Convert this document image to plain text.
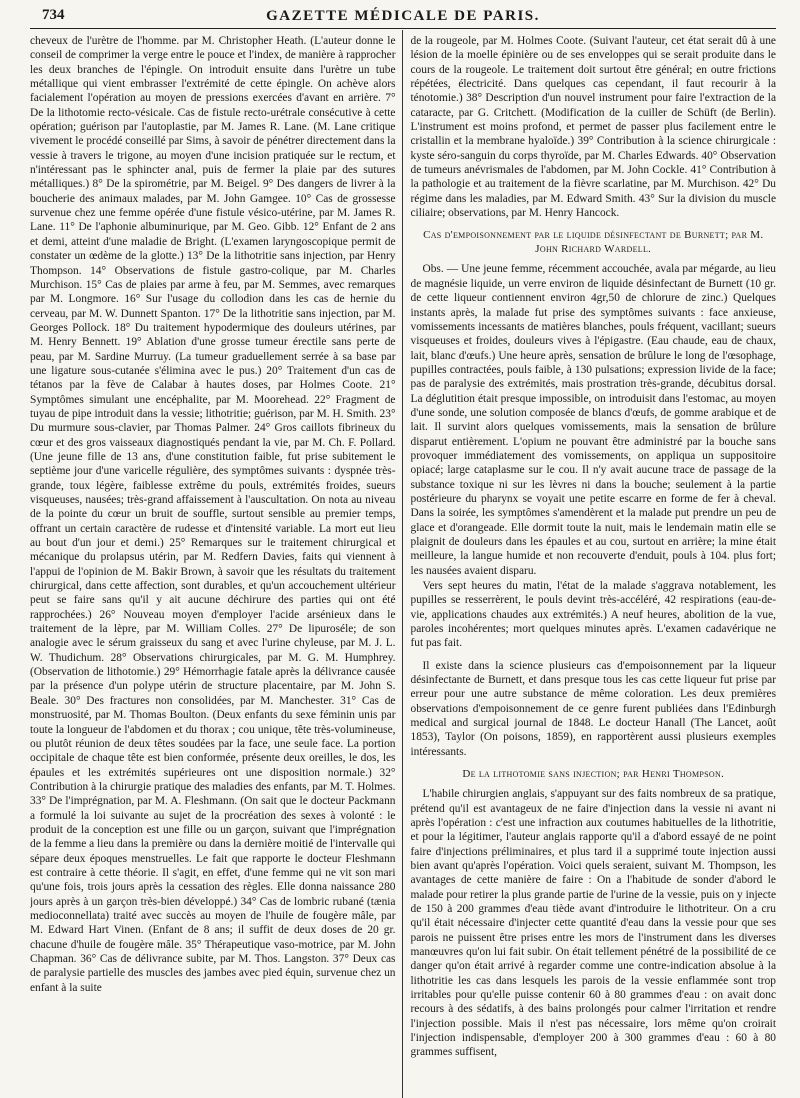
734	GAZETTE MÉDICALE DE PARIS.

cheveux de l'urètre de l'homme. par M. Christopher Heath. (L'auteur donne le conseil de comprimer la verge entre le pouce et l'index, de manière à rapprocher les deux branches de l'épingle. On introduit ensuite dans l'urètre un tube métallique qui vient embrasser l'extrémité de cette épingle. On achève alors facialement l'opération au moyen de pressions exercées d'avant en arrière. 7° De la lithotomie recto-vésicale. Cas de fistule recto-urétrale consécutive à cette opération; guérison par l'autoplastie, par M. James R. Lane. (M. Lane critique vivement le procédé conseillé par Sims, à savoir de pénétrer directement dans la vessie à travers le trigone, au moyen d'une incision pratiquée sur le rectum, et n'intéressant pas le sphincter anal, puis de fermer la plaie par des sutures métalliques.) 8° De la spirométrie, par M. Beigel. 9° Des dangers de livrer à la boucherie des animaux malades, par M. John Gamgee. 10° Cas de grossesse survenue chez une femme opérée d'une fistule vésico-utérine, par M. James R. Lane. 11° De l'aphonie albuminurique, par M. Geo. Gibb. 12° Enfant de 2 ans et demi, atteint d'une maladie de Bright. (L'examen laryngoscopique permit de constater un œdème de la glotte.) 13° De la lithotritie sans injection, par Henry Thompson. 14° Observations de fistule gastro-colique, par M. Charles Murchison. 15° Cas de plaies par arme à feu, par M. Semmes, avec remarques par M. Longmore. 16° Sur l'usage du collodion dans les cas de hernie du cerveau, par M. W. Dunnett Spanton. 17° De la lithotritie sans injection, par M. Georges Pollock. 18° Du traitement hypodermique des douleurs utérines, par M. Henry Bennett. 19° Ablation d'une grosse tumeur érectile sans perte de peau, par M. Sardine Murruy. (La tumeur graduellement serrée à sa base par une ligature sous-cutanée s'élimina avec le pus.) 20° Traitement d'un cas de tétanos par la fève de Calabar à hautes doses, par Holmes Coote. 21° Symptômes simulant une encéphalite, par M. Moorehead. 22° Fragment de tuyau de pipe introduit dans la vessie; lithotritie; guérison, par M. H. Smith. 23° Du murmure sous-clavier, par Thomas Palmer. 24° Gros caillots fibrineux du cœur et des gros vaisseaux diagnostiqués pendant la vie, par M. Ch. F. Pollard. (Une jeune fille de 13 ans, d'une constitution faible, fut prise subitement le septième jour d'une varicelle régulière, des symptômes suivants : dyspnée très-grande, toux légère, faiblesse extrême du pouls, extrémités froides, sueurs visqueuses, nausées; très-grand affaissement à l'auscultation. On nota au niveau de la pointe du cœur un bruit de souffle, surtout sensible au premier temps, offrant un certain caractère de rudesse et d'intensité variable. La mort eut lieu au bout d'un jour et demi.) 25° Remarques sur le traitement chirurgical et mécanique du prolapsus utérin, par M. Redfern Davies, faits qui viennent à l'appui de l'opinion de M. Bakir Brown, à savoir que les résultats du traitement chirurgical, dans cette affection, sont durables, et qu'un accouchement ultérieur peut se faire sans qu'il y ait aucune déchirure des parties qui ont été rapprochées.) 26° Nouveau moyen d'employer l'acide arsénieux dans le traitement de la lèpre, par M. William Colles. 27° De lipuroséle; de son analogie avec le sérum graisseux du sang et avec l'urine chyleuse, par M. J. L. W. Thudichum. 28° Observations chirurgicales, par M. G. M. Humphrey. (Observation de lithotomie.) 29° Hémorrhagie fatale après la délivrance causée par la présence d'un polype utérin de structure placentaire, par M. John S. Beale. 30° Des fractures non consolidées, par M. Manchester. 31° Cas de monstruosité, par M. Thomas Boulton. (Deux enfants du sexe féminin unis par toute la longueur de l'abdomen et du thorax ; cou unique, tête très-volumineuse, ou plutôt réunion de deux têtes soudées par la face, une seule face. La portion occipitale de chaque tête est bien conformée, présente deux oreilles, le dos, les épaules et les extrémités supérieures ont une disposition normale.) 32° Contribution à la chirurgie pratique des maladies des enfants, par M. T. Holmes. 33° De l'imprégnation, par M. A. Fleshmann. (On sait que le docteur Packmann a formulé la loi suivante au sujet de la procréation des sexes à volonté : le produit de la conception est une fille ou un garçon, suivant que l'imprégnation de la femme a lieu dans la première ou dans la dernière moitié de l'intervalle qui sépare deux époques menstruelles. Le fait que rapporte le docteur Fleshmann est contraire à cette théorie. Il s'agit, en effet, d'une femme qui ne vit son mari qu'une fois, trois jours après la cessation des règles. Elle donna naissance 280 jours après à un garçon très-bien développé.) 34° Cas de lombric rubané (tænia medioconnellata) traité avec succès au moyen de l'huile de fougère mâle, par M. Edward Hart Vinen. (Enfant de 8 ans; il suffit de deux doses de 20 gr. chacune d'huile de fougère mâle. 35° Thérapeutique vaso-motrice, par M. John Chapman. 36° Cas de délivrance subite, par M. Thos. Langston. 37° Deux cas de paralysie partielle des muscles des jambes avec pied équin, survenue chez un enfant à la suite

de la rougeole, par M. Holmes Coote. (Suivant l'auteur, cet état serait dû à une lésion de la moelle épinière ou de ses enveloppes qui se serait produite dans le cours de la rougeole. Le traitement doit surtout être général; en outre frictions répétées, électricité. Dans quelques cas cependant, il faut recourir à la ténotomie.) 38° Description d'un nouvel instrument pour faire l'extraction de la cataracte, par G. Critchett. (Modification de la cuiller de Schüft (de Berlin). L'instrument est moins profond, et permet de passer plus facilement entre le cristallin et la membrane hyaloïde.) 39° Contribution à la science chirurgicale : kyste séro-sanguin du corps thyroïde, par M. Charles Edwards. 40° Observation de tumeurs anévrismales de l'abdomen, par M. John Cockle. 41° Contribution à la pathologie et au traitement de la fièvre scarlatine, par M. Murchison. 42° Du régime dans les maladies, par M. Edward Smith. 43° Sur la division du muscle ciliaire; observations, par M. Henry Hancock.

Cas d'empoisonnement par le liquide désinfectant de Burnett; par M. John Richard Wardell.

Obs. — Une jeune femme, récemment accouchée, avala par mégarde, au lieu de magnésie liquide, un verre environ de liquide désinfectant de Burnett (10 gr. de cette liqueur contiennent environ 4gr,50 de chlorure de zinc.) Quelques instants après, la malade fut prise des symptômes suivants : face anxieuse, vomissements incessants de matières blanches, pouls fréquent, vacillant; sueurs visqueuses et froides, douleurs vives à l'épigastre. (Eau chaude, eau de chaux, lait, blanc d'œufs.) Une heure après, sensation de brûlure le long de l'œsophage, pupilles contractées, pouls faible, à 130 pulsations; expression livide de la face; pas de paralysie des extrémités, mais prostration très-grande, décubitus dorsal. La déglutition était presque impossible, on introduisit dans l'estomac, au moyen d'une sonde, une solution composée de blancs d'œufs, de gomme arabique et de lait. Il survint alors quelques vomissements, mais la sensation de brûlure disparut entièrement. L'opium ne pouvant être administré par la bouche sans provoquer immédiatement des vomissements, on appliqua un suppositoire opiacé; large cataplasme sur le cou. Il n'y avait aucune trace de passage de la substance toxique ni sur les lèvres ni dans la bouche; seulement à la partie postérieure du pharynx se voyait une petite escarre en forme de fer à cheval. Dans la soirée, les symptômes s'amendèrent et la malade put prendre un peu de glace et d'orangeade. Elle dormit toute la nuit, mais le lendemain matin elle se plaignit de douleurs dans les épaules et au cou, surtout en arrière; la mine était meilleure, la langue humide et non recouverte d'enduit, pouls à 104. plus fort; les nausées avaient disparu.

Vers sept heures du matin, l'état de la malade s'aggrava notablement, les pupilles se resserrèrent, le pouls devint très-accéléré, 42 respirations (eau-de-vie, applications chaudes aux extrémités.) A neuf heures, abolition de la vue, paroles incohérentes; mort quelques minutes après. L'examen cadavérique ne fut pas fait.

Il existe dans la science plusieurs cas d'empoisonnement par la liqueur désinfectante de Burnett, et dans presque tous les cas cette liqueur fut prise par erreur pour une autre substance de même coloration. Les deux premières observations d'empoisonnement de ce genre furent publiées dans l'Edinburgh medical and surgical journal de 1848. Le docteur Hanall (The Lancet, août 1853), Taylor (On poisons, 1859), en rapportèrent aussi plusieurs exemples intéressants.

De la lithotomie sans injection; par Henri Thompson.

L'habile chirurgien anglais, s'appuyant sur des faits nombreux de sa pratique, prétend qu'il est avantageux de ne faire d'injection dans la vessie ni avant ni après l'opération : c'est une infraction aux coutumes habituelles de la lithotritie, et pour la légitimer, l'auteur anglais rapporte qu'il a d'abord essayé de ne point faire d'injections préliminaires, et plus tard il a supprimé toute injection aussi bien avant qu'après l'opération. Voici quels seraient, suivant M. Thompson, les avantages de cette manière de faire : On a l'habitude de sonder d'abord le malade pour retirer la plus grande partie de l'urine de la vessie, puis on y injecte de 150 à 200 grammes d'eau tiède avant d'introduire le lithotriteur. On a cru qu'il était nécessaire d'injecter cette quantité d'eau dans la vessie pour que ses parois ne puissent être prises entre les mors de l'instrument dans les diverses manœuvres qu'on lui fait subir. On était tellement pénétré de la possibilité de ce danger qu'on était arrivé à regarder comme une contre-indication absolue à la lithotritie les cas dans lesquels les parois de la vessie enflammée sont trop irritables pour qu'elle puisse contenir 60 à 80 grammes d'eau : on avait donc recours à des sédatifs, à des bains prolongés pour calmer l'irritation et rendre l'injection possible. Mais il n'est pas nécessaire, lors même qu'on croirait l'injection indispensable, d'employer 200 à 300 grammes d'eau : 60 à 80 grammes suffisent,
